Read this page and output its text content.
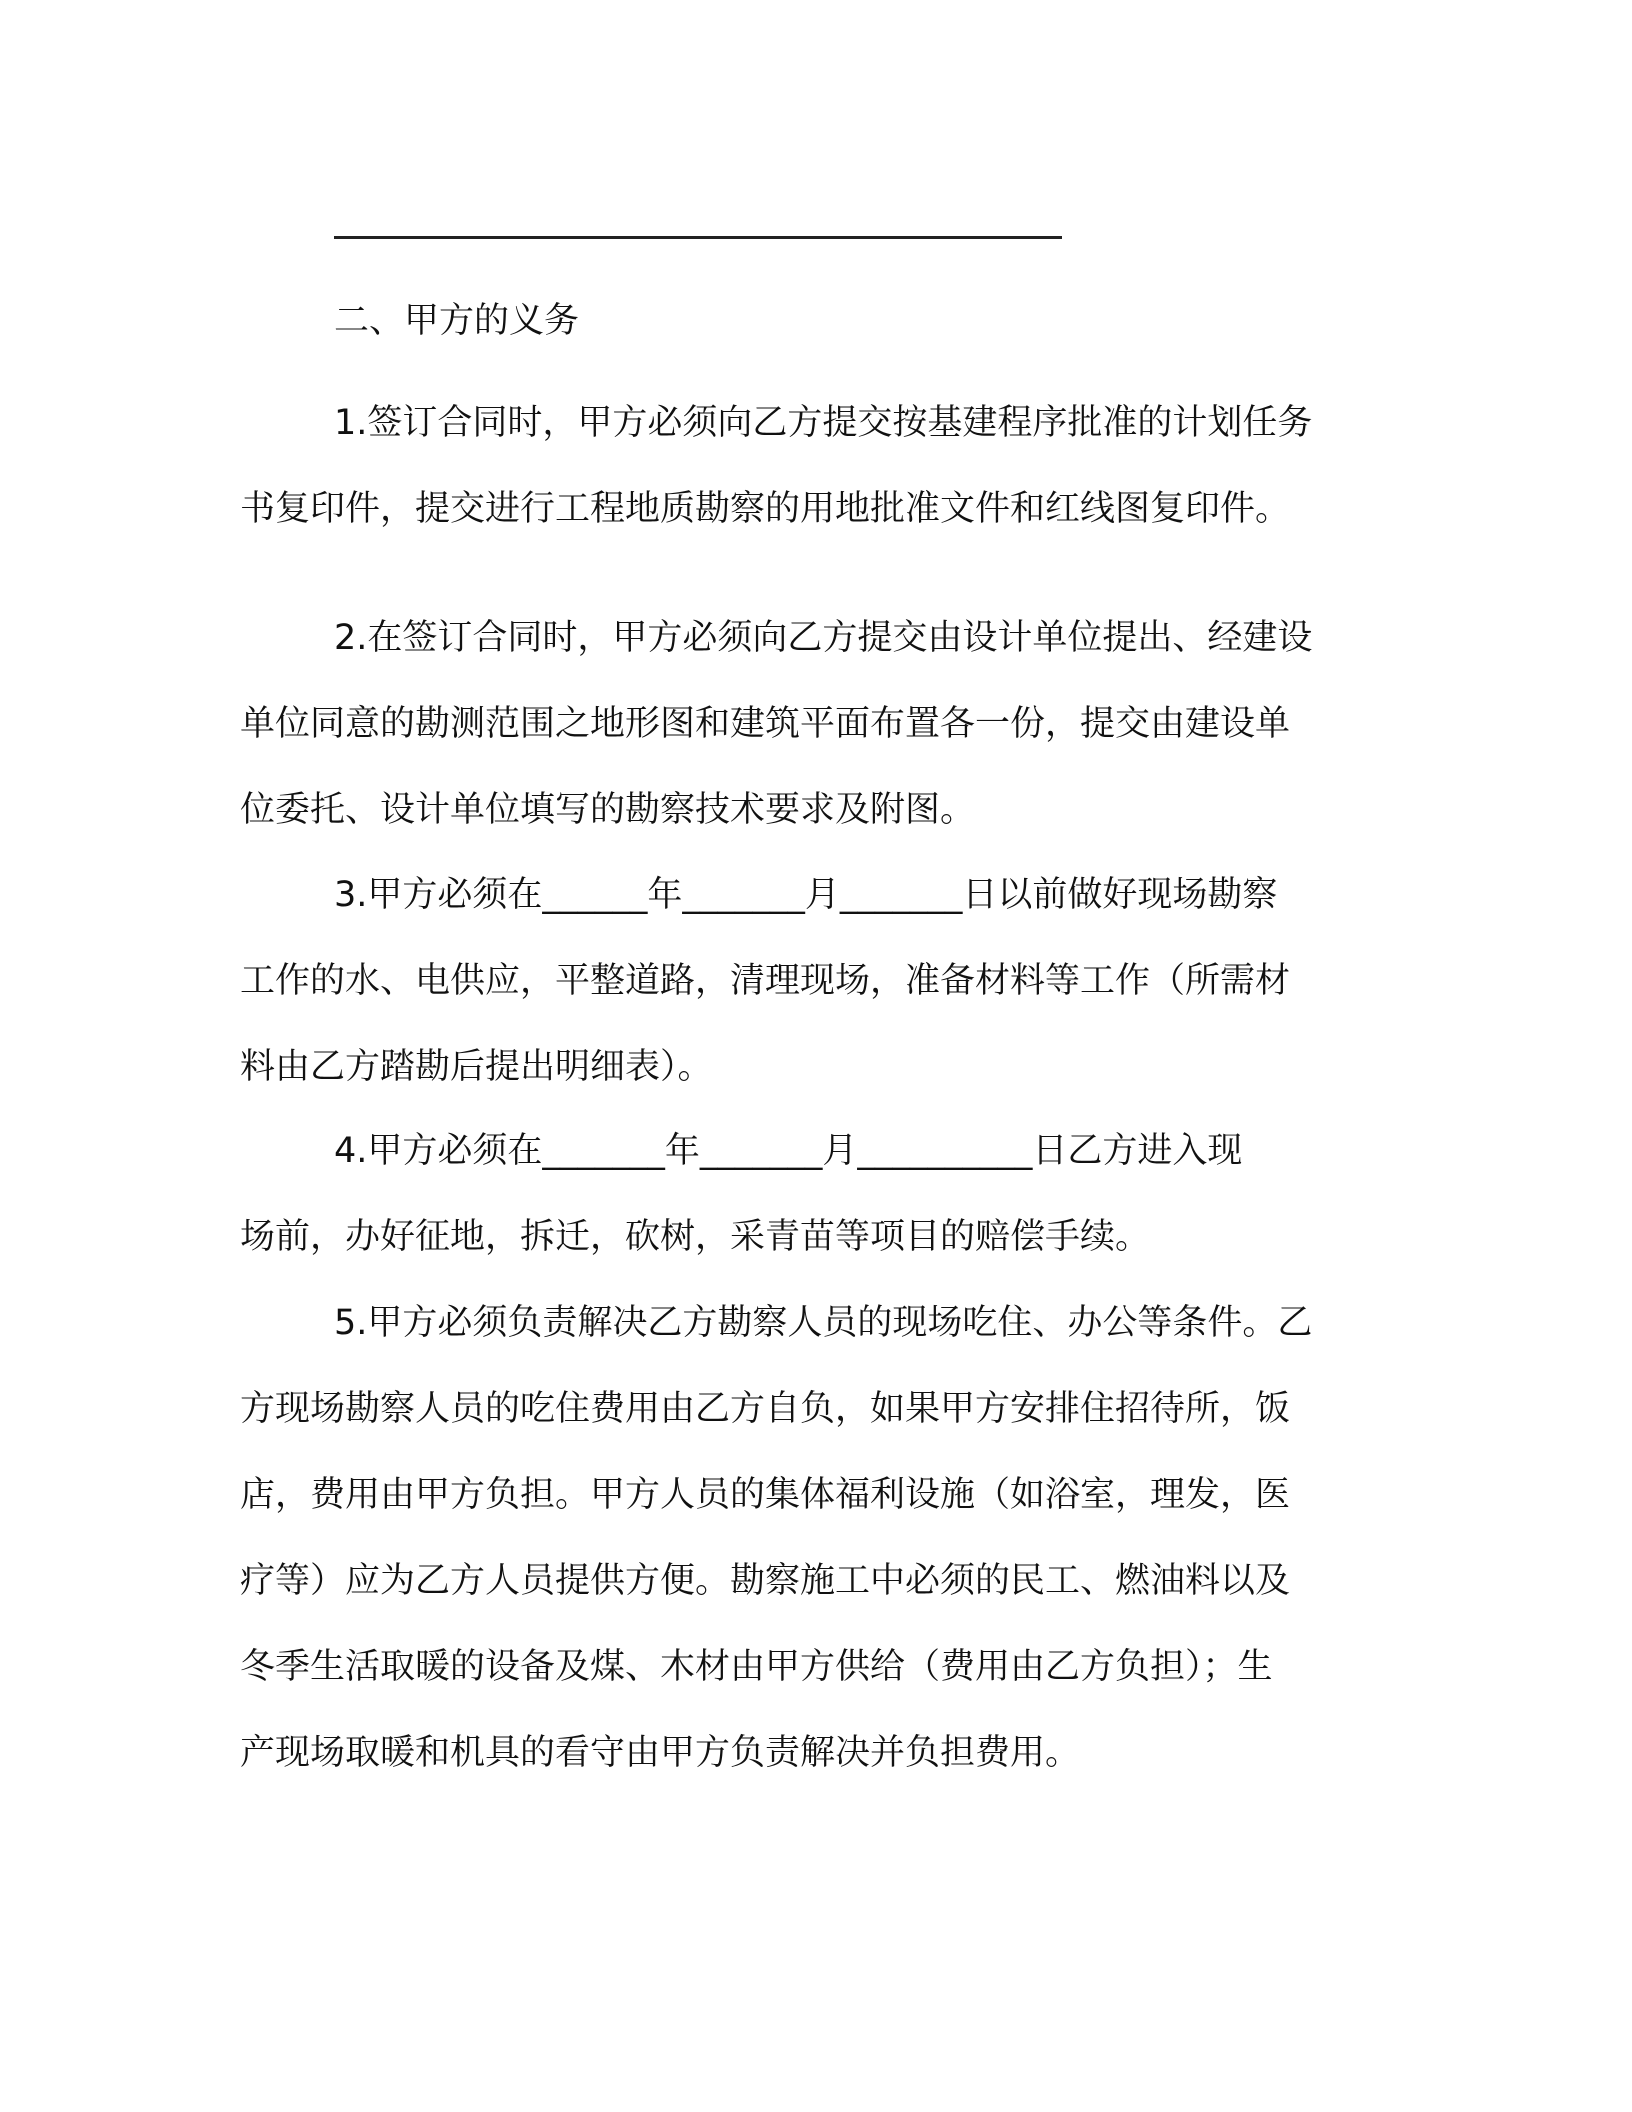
二、甲方的义务
1.签订合同时，甲方必须向乙方提交按基建程序批准的计划任务
书复印件，提交进行工程地质勘察的用地批准文件和红线图复印件。
2.在签订合同时，甲方必须向乙方提交由设计单位提出、经建设
单位同意的勘测范围之地形图和建筑平面布置各一份，提交由建设单
位委托、设计单位填写的勘察技术要求及附图。
3.甲方必须在______年_______月_______日以前做好现场勘察
工作的水、电供应，平整道路，清理现场，准备材料等工作（所需材
料由乙方踏勘后提出明细表）。
4.甲方必须在_______年_______月__________日乙方进入现
场前，办好征地，拆迁，砍树，采青苗等项目的赔偿手续。
5.甲方必须负责解决乙方勘察人员的现场吃住、办公等条件。乙
方现场勘察人员的吃住费用由乙方自负，如果甲方安排住招待所，饭
店，费用由甲方负担。甲方人员的集体福利设施（如浴室，理发，医
疗等）应为乙方人员提供方便。勘察施工中必须的民工、燃油料以及
冬季生活取暖的设备及煤、木材由甲方供给（费用由乙方负担）；生
产现场取暖和机具的看守由甲方负责解决并负担费用。
